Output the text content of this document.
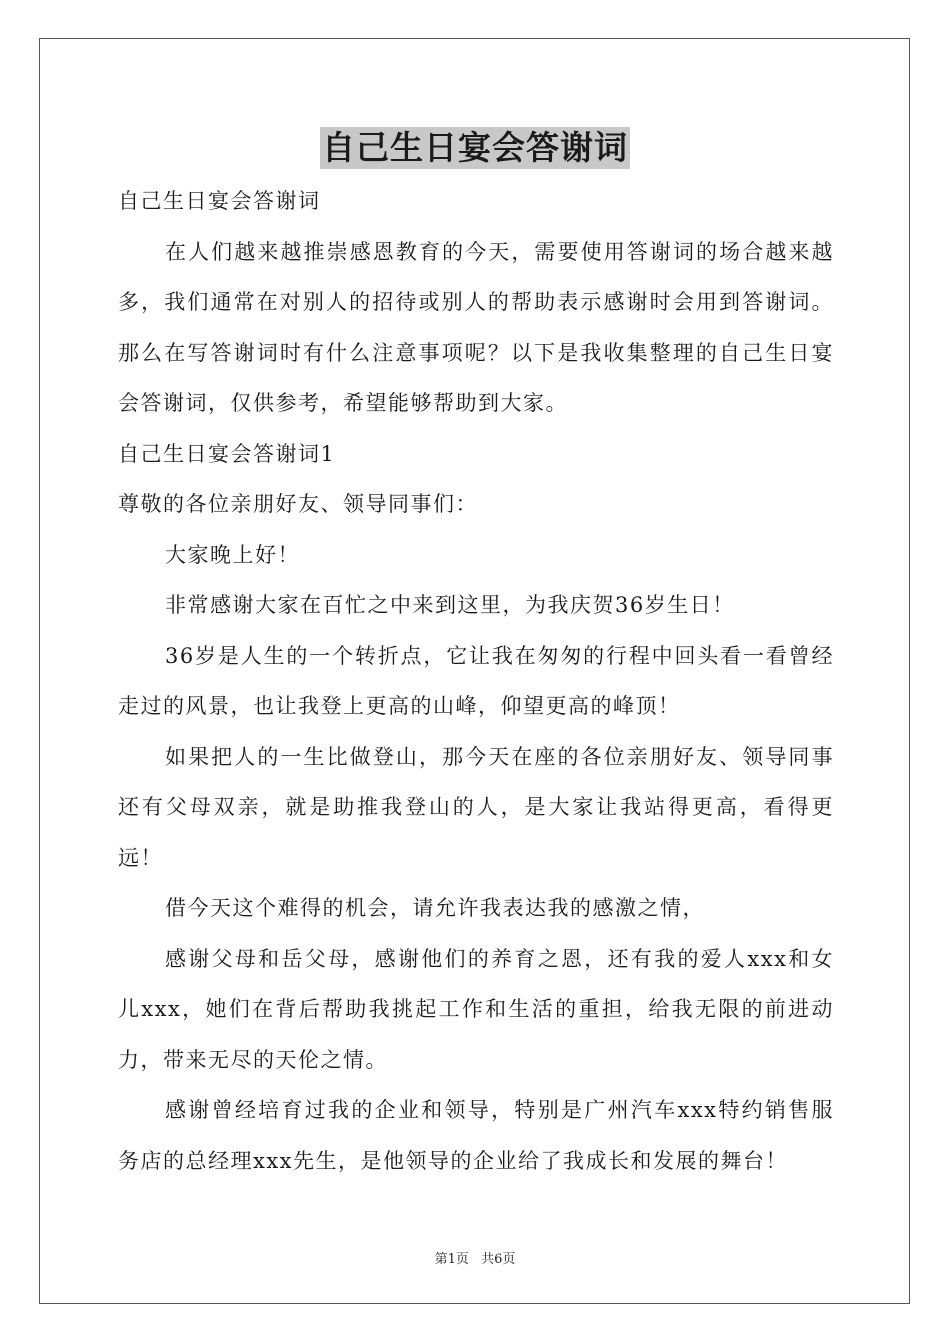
自己生日宴会答谢词

自己生日宴会答谢词

在人们越来越推崇感恩教育的今天，需要使用答谢词的场合越来越多，我们通常在对别人的招待或别人的帮助表示感谢时会用到答谢词。那么在写答谢词时有什么注意事项呢？以下是我收集整理的自己生日宴会答谢词，仅供参考，希望能够帮助到大家。

自己生日宴会答谢词1

尊敬的各位亲朋好友、领导同事们：

大家晚上好！

非常感谢大家在百忙之中来到这里，为我庆贺36岁生日！

36岁是人生的一个转折点，它让我在匆匆的行程中回头看一看曾经走过的风景，也让我登上更高的山峰，仰望更高的峰顶！

如果把人的一生比做登山，那今天在座的各位亲朋好友、领导同事还有父母双亲，就是助推我登山的人，是大家让我站得更高，看得更远！

借今天这个难得的机会，请允许我表达我的感激之情，

感谢父母和岳父母，感谢他们的养育之恩，还有我的爱人xxx和女儿xxx，她们在背后帮助我挑起工作和生活的重担，给我无限的前进动力，带来无尽的天伦之情。

感谢曾经培育过我的企业和领导，特别是广州汽车xxx特约销售服务店的总经理xxx先生，是他领导的企业给了我成长和发展的舞台！

第1页 共6页
